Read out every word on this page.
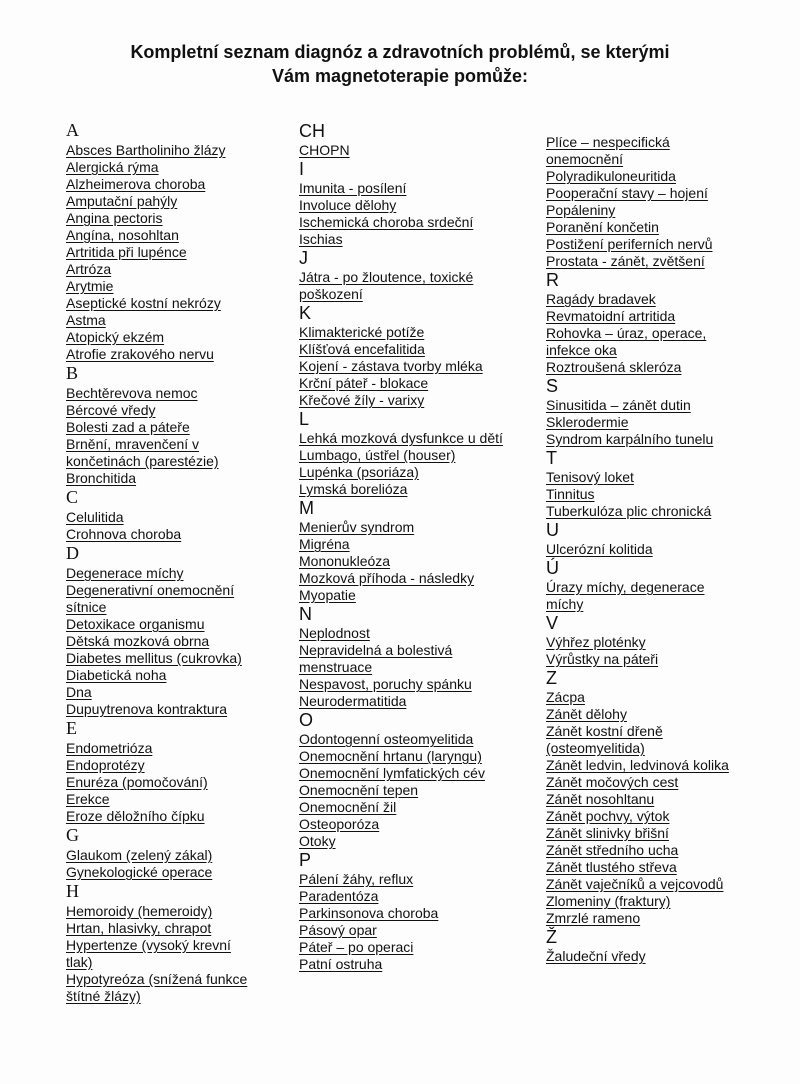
Kompletní seznam diagnóz a zdravotních problémů, se kterými
Vám magnetoterapie pomůže:
A
Absces Bartholiniho žlázy
Alergická rýma
Alzheimerova choroba
Amputační pahýly
Angina pectoris
Angína, nosohltan
Artritida při lupénce
Artróza
Arytmie
Aseptické kostní nekrózy
Astma
Atopický ekzém
Atrofie zrakového nervu
B
Bechtěrevova nemoc
Bércové vředy
Bolesti zad a páteře
Brnění, mravenčení v
končetinách (parestézie)
Bronchitida
C
Celulitida
Crohnova choroba
D
Degenerace míchy
Degenerativní onemocnění
sítnice
Detoxikace organismu
Dětská mozková obrna
Diabetes mellitus (cukrovka)
Diabetická noha
Dna
Dupuytrenova kontraktura
E
Endometrióza
Endoprotézy
Enuréza (pomočování)
Erekce
Eroze děložního čípku
G
Glaukom (zelený zákal)
Gynekologické operace
H
Hemoroidy (hemeroidy)
Hrtan, hlasivky, chrapot
Hypertenze (vysoký krevní
tlak)
Hypotyreóza (snížená funkce
štítné žlázy)
CH
CHOPN
I
Imunita - posílení
Involuce dělohy
Ischemická choroba srdeční
Ischias
J
Játra - po žloutence, toxické
poškození
K
Klimakterické potíže
Klíšťová encefalitida
Kojení - zástava tvorby mléka
Krční páteř - blokace
Křečové žíly - varixy
L
Lehká mozková dysfunkce u dětí
Lumbago, ústřel (houser)
Lupénka (psoriáza)
Lymská borelióza
M
Menierův syndrom
Migréna
Mononukleóza
Mozková příhoda - následky
Myopatie
N
Neplodnost
Nepravidelná a bolestivá
menstruace
Nespavost, poruchy spánku
Neurodermatitida
O
Odontogenní osteomyelitida
Onemocnění hrtanu (laryngu)
Onemocnění lymfatických cév
Onemocnění tepen
Onemocnění žil
Osteoporóza
Otoky
P
Pálení žáhy, reflux
Paradentóza
Parkinsonova choroba
Pásový opar
Páteř – po operaci
Patní ostruha
Plíce – nespecifická
onemocnění
Polyradikuloneuritida
Pooperační stavy – hojení
Popáleniny
Poranění končetin
Postižení periferních nervů
Prostata - zánět, zvětšení
R
Ragády bradavek
Revmatoidní artritida
Rohovka – úraz, operace,
infekce oka
Roztroušená skleróza
S
Sinusitida – zánět dutin
Sklerodermie
Syndrom karpálního tunelu
T
Tenisový loket
Tinnitus
Tuberkulóza plic chronická
U
Ulcerózní kolitida
Ú
Úrazy míchy, degenerace
míchy
V
Výhřez ploténky
Výrůstky na páteři
Z
Zácpa
Zánět dělohy
Zánět kostní dřeně
(osteomyelitida)
Zánět ledvin, ledvinová kolika
Zánět močových cest
Zánět nosohltanu
Zánět pochvy, výtok
Zánět slinivky břišní
Zánět středního ucha
Zánět tlustého střeva
Zánět vaječníků a vejcovodů
Zlomeniny (fraktury)
Zmrzlé rameno
Ž
Žaludeční vředy
